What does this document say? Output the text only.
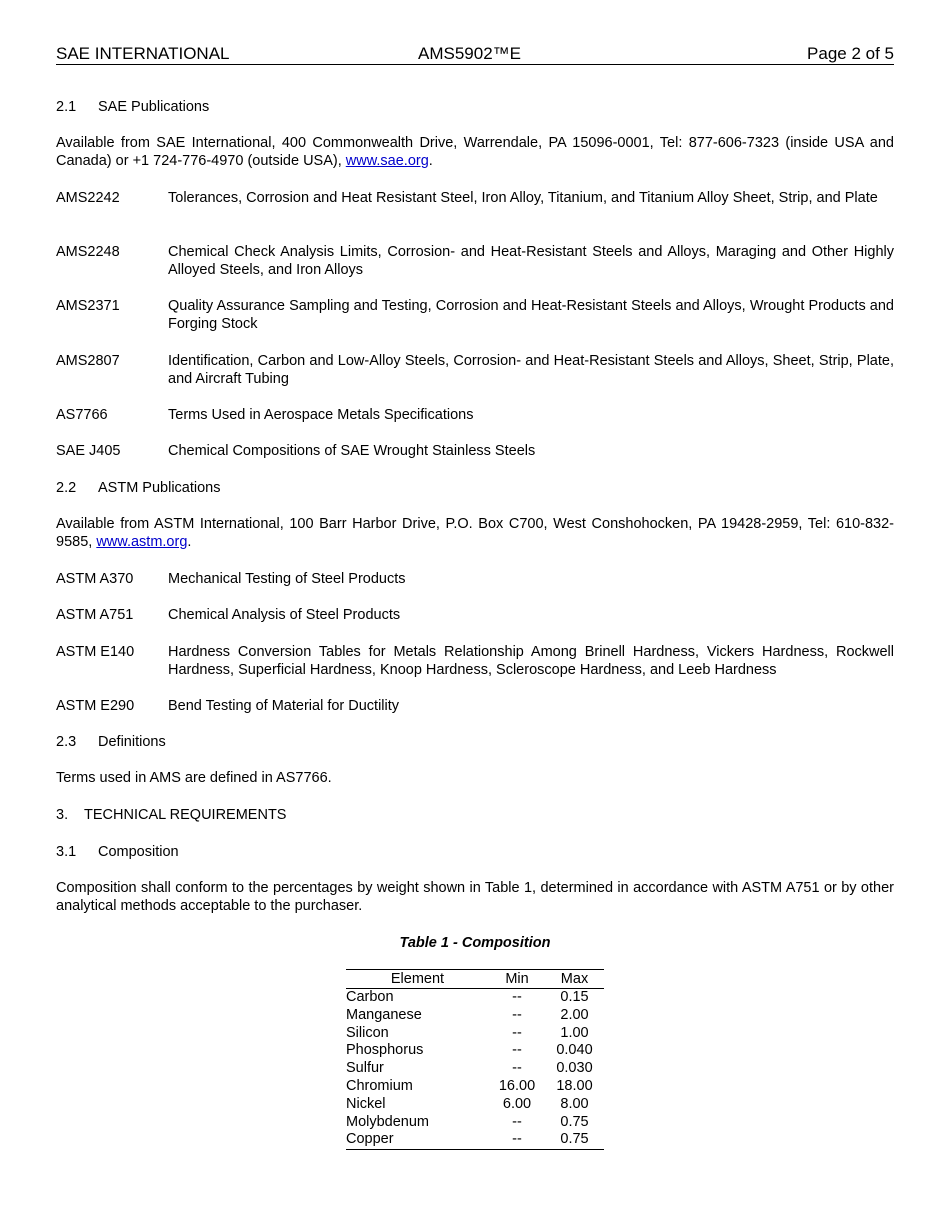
SAE INTERNATIONAL	AMS5902™E	Page 2 of 5
2.1 SAE Publications
Available from SAE International, 400 Commonwealth Drive, Warrendale, PA 15096-0001, Tel: 877-606-7323 (inside USA and Canada) or +1 724-776-4970 (outside USA), www.sae.org.
AMS2242	Tolerances, Corrosion and Heat Resistant Steel, Iron Alloy, Titanium, and Titanium Alloy Sheet, Strip, and Plate
AMS2248	Chemical Check Analysis Limits, Corrosion- and Heat-Resistant Steels and Alloys, Maraging and Other Highly Alloyed Steels, and Iron Alloys
AMS2371	Quality Assurance Sampling and Testing, Corrosion and Heat-Resistant Steels and Alloys, Wrought Products and Forging Stock
AMS2807	Identification, Carbon and Low-Alloy Steels, Corrosion- and Heat-Resistant Steels and Alloys, Sheet, Strip, Plate, and Aircraft Tubing
AS7766	Terms Used in Aerospace Metals Specifications
SAE J405	Chemical Compositions of SAE Wrought Stainless Steels
2.2 ASTM Publications
Available from ASTM International, 100 Barr Harbor Drive, P.O. Box C700, West Conshohocken, PA 19428-2959, Tel: 610-832-9585, www.astm.org.
ASTM A370 Mechanical Testing of Steel Products
ASTM A751 Chemical Analysis of Steel Products
ASTM E140 Hardness Conversion Tables for Metals Relationship Among Brinell Hardness, Vickers Hardness, Rockwell Hardness, Superficial Hardness, Knoop Hardness, Scleroscope Hardness, and Leeb Hardness
ASTM E290 Bend Testing of Material for Ductility
2.3 Definitions
Terms used in AMS are defined in AS7766.
3. TECHNICAL REQUIREMENTS
3.1 Composition
Composition shall conform to the percentages by weight shown in Table 1, determined in accordance with ASTM A751 or by other analytical methods acceptable to the purchaser.
Table 1 - Composition
Element	Min	Max
Carbon	--	0.15
Manganese	--	2.00
Silicon	--	1.00
Phosphorus	--	0.040
Sulfur	--	0.030
Chromium	16.00	18.00
Nickel	6.00	8.00
Molybdenum	--	0.75
Copper	--	0.75
